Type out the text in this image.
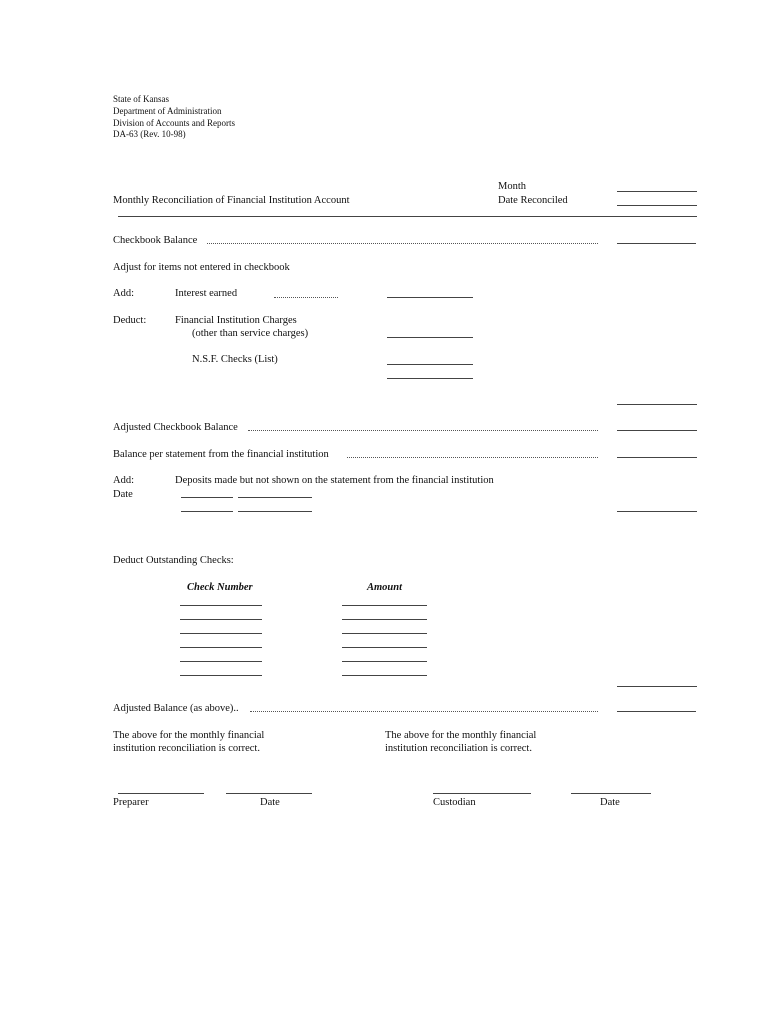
State of Kansas
Department of Administration
Division of Accounts and Reports
DA-63 (Rev. 10-98)
Month
Monthly Reconciliation of Financial Institution Account	Date Reconciled
Checkbook Balance
Adjust for items not entered in checkbook
Add:	Interest earned
Deduct:	Financial Institution Charges
(other than service charges)
N.S.F. Checks (List)
Adjusted Checkbook Balance
Balance per statement from the financial institution
Add:	Deposits made but not shown on the statement from the financial institution
Date
Deduct Outstanding Checks:
Check Number	Amount
Adjusted Balance (as above)..
The above for the monthly financial
institution reconciliation is correct.
The above for the monthly financial
institution reconciliation is correct.
Preparer	Date	Custodian	Date
